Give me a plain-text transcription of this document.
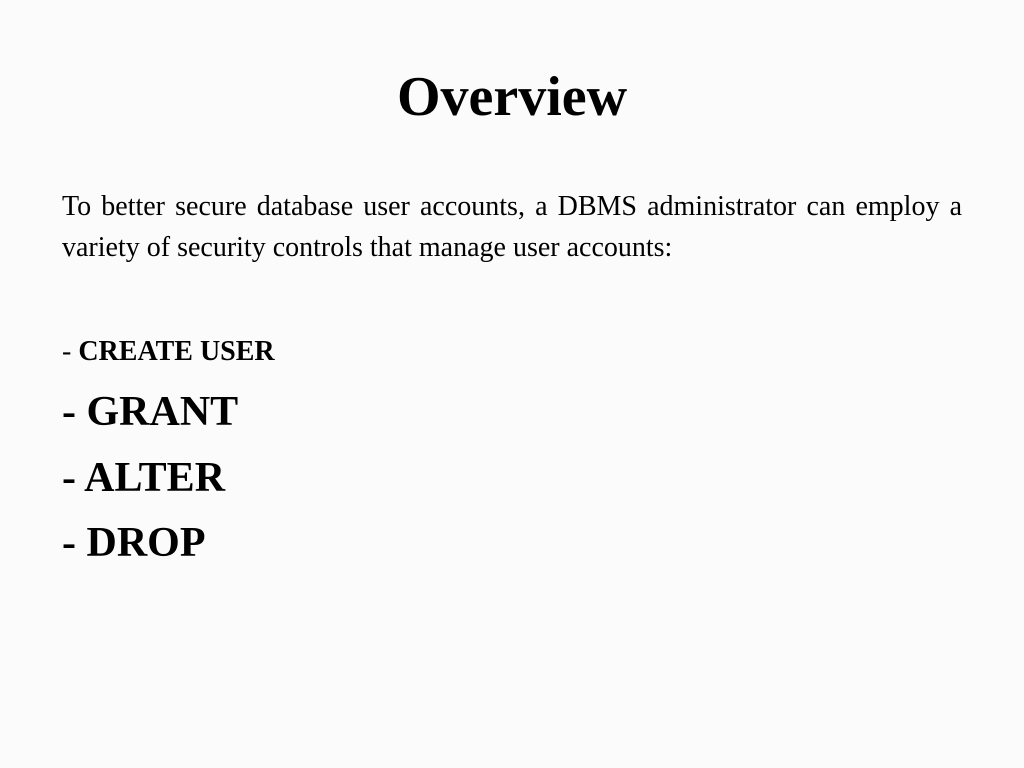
Overview
To better secure database user accounts, a DBMS administrator can employ a variety of security controls that manage user accounts:
- CREATE USER
- GRANT
- ALTER
- DROP
